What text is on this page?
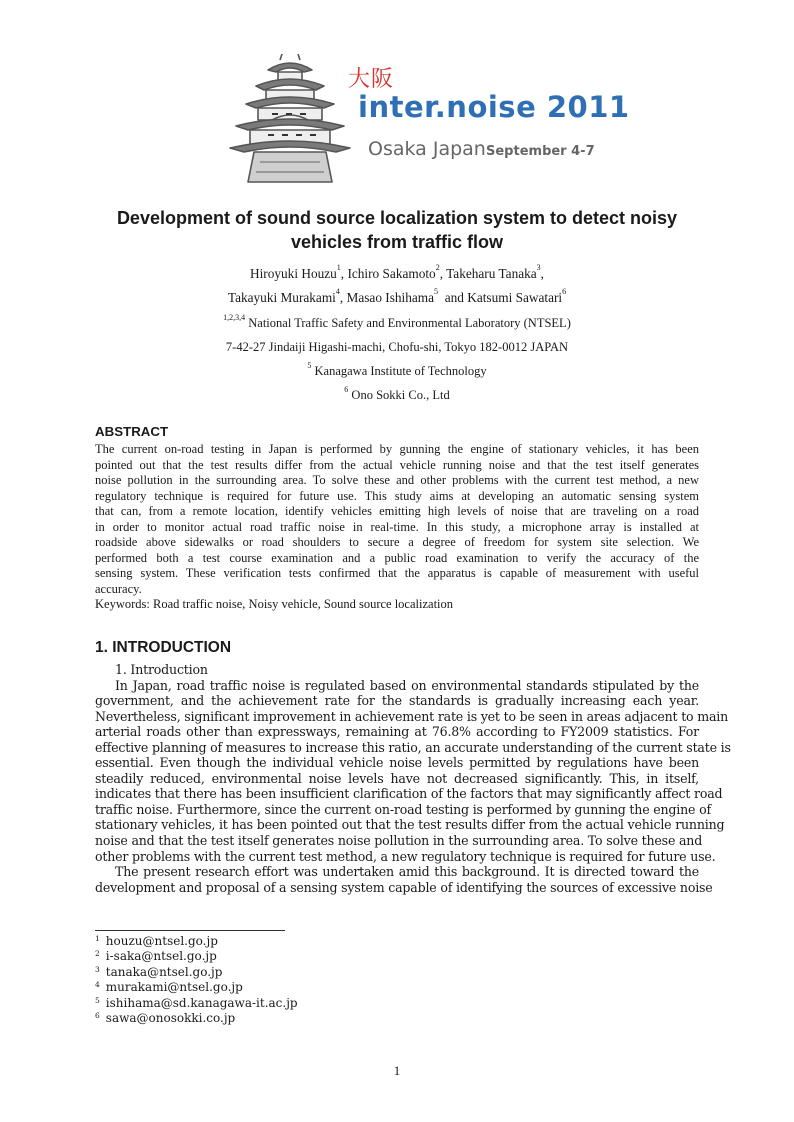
大阪
inter.noise 2011
Osaka Japan September 4-7
Development of sound source localization system to detect noisy
vehicles from traffic flow
Hiroyuki Houzu$^1$, Ichiro Sakamoto$^2$, Takeharu Tanaka$^3$,
Takayuki Murakami$^4$, Masao Ishihama$^5$  and Katsumi Sawatari$^6$
$^{1,2,3,4}$ National Traffic Safety and Environmental Laboratory (NTSEL)
7-42-27 Jindaiji Higashi-machi, Chofu-shi, Tokyo 182-0012 JAPAN
$^5$ Kanagawa Institute of Technology
$^6$ Ono Sokki Co., Ltd
ABSTRACT
The current on-road testing in Japan is performed by gunning the engine of stationary vehicles, it has been
pointed out that the test results differ from the actual vehicle running noise and that the test itself generates
noise pollution in the surrounding area. To solve these and other problems with the current test method, a new
regulatory technique is required for future use. This study aims at developing an automatic sensing system
that can, from a remote location, identify vehicles emitting high levels of noise that are traveling on a road
in order to monitor actual road traffic noise in real-time. In this study, a microphone array is installed at
roadside above sidewalks or road shoulders to secure a degree of freedom for system site selection. We
performed both a test course examination and a public road examination to verify the accuracy of the
sensing system. These verification tests confirmed that the apparatus is capable of measurement with useful
accuracy.
Keywords: Road traffic noise, Noisy vehicle, Sound source localization
1. INTRODUCTION
1. Introduction
In Japan, road traffic noise is regulated based on environmental standards stipulated by the
government, and the achievement rate for the standards is gradually increasing each year.
Nevertheless, significant improvement in achievement rate is yet to be seen in areas adjacent to main
arterial roads other than expressways, remaining at 76.8% according to FY2009 statistics. For
effective planning of measures to increase this ratio, an accurate understanding of the current state is
essential. Even though the individual vehicle noise levels permitted by regulations have been
steadily reduced, environmental noise levels have not decreased significantly. This, in itself,
indicates that there has been insufficient clarification of the factors that may significantly affect road
traffic noise. Furthermore, since the current on-road testing is performed by gunning the engine of
stationary vehicles, it has been pointed out that the test results differ from the actual vehicle running
noise and that the test itself generates noise pollution in the surrounding area. To solve these and
other problems with the current test method, a new regulatory technique is required for future use.
The present research effort was undertaken amid this background. It is directed toward the
development and proposal of a sensing system capable of identifying the sources of excessive noise
$^1$ houzu@ntsel.go.jp
$^2$ i-saka@ntsel.go.jp
$^3$ tanaka@ntsel.go.jp
$^4$ murakami@ntsel.go.jp
$^5$ ishihama@sd.kanagawa-it.ac.jp
$^6$ sawa@onosokki.co.jp
1
